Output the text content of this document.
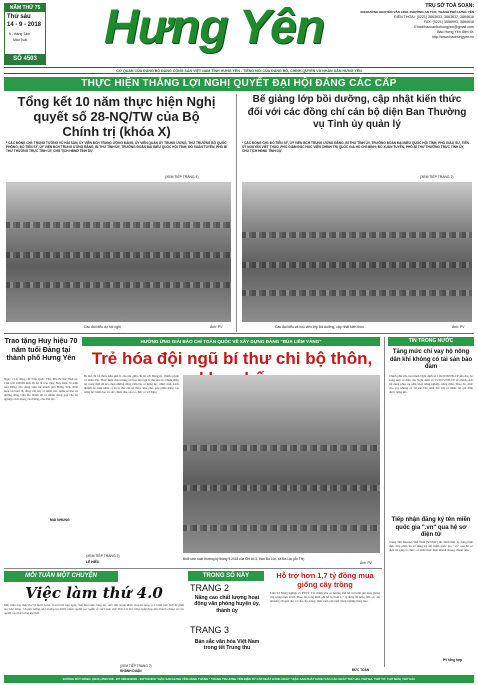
NĂM THỨ 75
Thứ sáu
14 - 9 - 2018
5 - tháng Tám
Mậu Tuất
SỐ 4503
Hưng Yên	TRỤ SỞ TOÀ SOẠN:
309 ĐƯỜNG NGUYỄN VĂN LINH, PHƯỜNG AN TẢO, THÀNH PHỐ HƯNG YÊN
ĐIỆN THOẠI: (0221) 3863633, 3863637, 3864616
FAX: (0221) 3556993; 3864616
Email:baocanbohungyen@gmail.com
Báo Hưng Yên điện tử:
http://www.baohungyen.vn
CƠ QUAN CỦA ĐẢNG BỘ ĐẢNG CỘNG SẢN VIỆT NAM TỈNH HƯNG YÊN - TIẾNG NÓI CỦA ĐẢNG BỘ, CHÍNH QUYỀN VÀ NHÂN DÂN HƯNG YÊN
THỰC HIỆN THẮNG LỢI NGHỊ QUYẾT ĐẠI HỘI ĐẢNG CÁC CẤP
Tổng kết 10 năm thực hiện Nghị quyết số 28-NQ/TW của Bộ Chính trị (khóa X)
* CẮC ĐỒNG CHÍ: TRUNG TƯỚNG VŨ HẢI SẢN, ỦY VIÊN BCH TRUNG ƯƠNG ĐẢNG, ỦY VIÊN QUÂN ỦY TRUNG ƯƠNG, THỨ TRƯỞNG BỘ QUỐC PHÒNG; ĐỖ TIẾN SỸ, ỦY VIÊN BCH TRUNG ƯƠNG ĐẢNG, BÍ THƯ TỈNH ỦY, TRƯỞNG ĐOÀN ĐẠI BIỂU QUỐC HỘI TỈNH; ĐỖ XUÂN TUYÊN, PHÓ BÍ THƯ THƯỜNG TRỰC TỈNH ỦY, CHỦ TỊCH HĐND TỈNH DỰ
(XEM TIẾP TRANG 4)
Các đại biểu dự hội nghị	Ảnh: PV
Bế giảng lớp bồi dưỡng, cập nhật kiến thức đối với các đồng chí cán bộ diện Ban Thường vụ Tỉnh ủy quản lý
* CẮC ĐỒNG CHÍ: ĐỖ TIẾN SỸ, ỦY VIÊN BCH TRUNG ƯƠNG ĐẢNG, BÍ THƯ TỈNH ỦY, TRƯỞNG ĐOÀN ĐẠI BIỂU QUỐC HỘI TỈNH; PHÓ GIÁO SƯ, TIẾN SỸ NGUYỄN VIẾT THẢO, PHÓ GIÁM ĐỐC HỌC VIỆN CHÍNH TRỊ QUỐC GIA HỒ CHÍ MINH; ĐỖ XUÂN TUYÊN, PHÓ BÍ THƯ THƯỜNG TRỰC TỈNH ỦY, CHỦ TỊCH HĐND TỈNH DỰ
(XEM TIẾP TRANG 2)
Các đại biểu và học viên lớp bồi dưỡng, cập nhật kiến thức	Ảnh: PV
Trao tặng Huy hiệu 70 năm tuổi Đảng tại thành phố Hưng Yên
Ngày 13-9, đồng chí Trần Quốc Văn, Phó Bí thư Tỉnh ủy, Chủ tịch UBND tỉnh đã dự lễ trao tặng Huy hiệu 70 năm tuổi Đảng cho đảng viên tại thành phố Hưng Yên. Phát biểu tại buổi lễ, đồng chí bày tỏ niềm vui, niềm tự hào về những đảng viên lão thành đã có nhiều đóng góp cho sự nghiệp cách mạng của Đảng, của dân tộc.
MAI NHUNG
HƯỞNG ỨNG GIẢI BÁO CHÍ TOÀN QUỐC VỀ XÂY DỰNG ĐẢNG "BÚA LIỀM VÀNG"
Trẻ hóa đội ngũ bí thư chi bộ thôn,
Bí thư chi bộ thôn, khu phố là cầu nối giữa chi bộ với Đảng ủy, chính quyền và nhân dân. Thực hiện chủ trương trẻ hóa đội ngũ bí thư chi bộ, nhiều đảng bộ trong tỉnh đã lựa chọn những đảng viên trẻ, có năng lực, nhiệt tình, trách nhiệm để đảm nhận vị trí bí thư chi bộ thôn, khu phố, góp phần nâng cao năng lực lãnh đạo và sức chiến đấu của tổ chức cơ sở đảng.
(XEM TIẾP TRANG 2)
LÊ HIẾU
Buổi sinh hoạt thường kỳ tháng 9-2018 của Chi bộ 3, thôn Đa Lộc, xã Đa Lộc (Ân Thi)
Ảnh: PV
TIN TRONG NƯỚC
Tăng mức chi vay hộ nông dân khi không có tài sản bảo đảm
Chính phủ vừa ban hành Nghị định số 116/2018/NĐ-CP sửa đổi, bổ sung một số điều của Nghị định số 55/2015/NĐ-CP về chính sách tín dụng phục vụ phát triển nông nghiệp, nông thôn. Theo đó, mức cho vay không có tài sản bảo đảm đối với cá nhân, hộ gia đình được nâng lên.
Tiếp nhận đăng ký tên miền quốc gia ".vn" qua hệ sơ điện tử
Trung tâm Internet Việt Nam (VNNIC) đã chính thức áp dụng hình thức tiếp nhận hồ sơ đăng ký tên miền quốc gia ".vn" qua hồ sơ điện tử, giúp tổ chức, cá nhân thực hiện nhanh chóng, thuận tiện.
PV tổng hợp
MỖI TUẦN MỘT CHUYỆN
Việc làm thứ 4.0
Mấy hôm nay thấy thư ký buồn buồn, ít nói hơn mọi ngày. Sau bao năm công tác, anh vẫn mong được chuyển sang vị trí làm việc mới để phát huy khả năng. Chuyện tưởng nhỏ nhưng lại khiến nhiều người suy ngẫm về cách làm việc thời 4.0, khi công nghệ thay đổi nhanh chóng và con người cần thích ứng kịp thời.
(XEM TIẾP TRANG 2)
KHÁNH DUẬN
TRONG SỐ NÀY
TRANG 2
Nâng cao chất lượng hoạt động văn phòng huyện ủy, thành ủy
TRANG 3
Bản sắc văn hóa Việt Nam trong tết Trung thu
Hỗ trợ hơn 1,7 tỷ đồng mua giống cây trồng
Liên Sở Nông nghiệp và PTNT, Tài chính vừa có hướng dẫn hỗ trợ kinh phí mua giống cây trồng năm 2018. Theo đó, tổng kinh phí hỗ trợ hơn 1,7 tỷ đồng để nông dân các địa phương chuyển đổi cơ cấu cây trồng, phát triển sản xuất nông nghiệp hàng hóa.
ĐỨC TOÀN
ĐƯỜNG DÂY NÓNG: (0221) 3556 558 - ĐT: 0984119520 - 0977011879 * ĐẶC SAN HƯNG YÊN HÀNG THÁNG * TRANG TIN HƯNG YÊN ĐIỆN TỬ CẬP NHẬT HÀNG NGÀY * ĐẶC SAN PHÁT HÀNH VÀO CÁC NGÀY THỨ HAI, THỨ BA, THỨ TƯ, THỨ NĂM, THỨ SÁU
